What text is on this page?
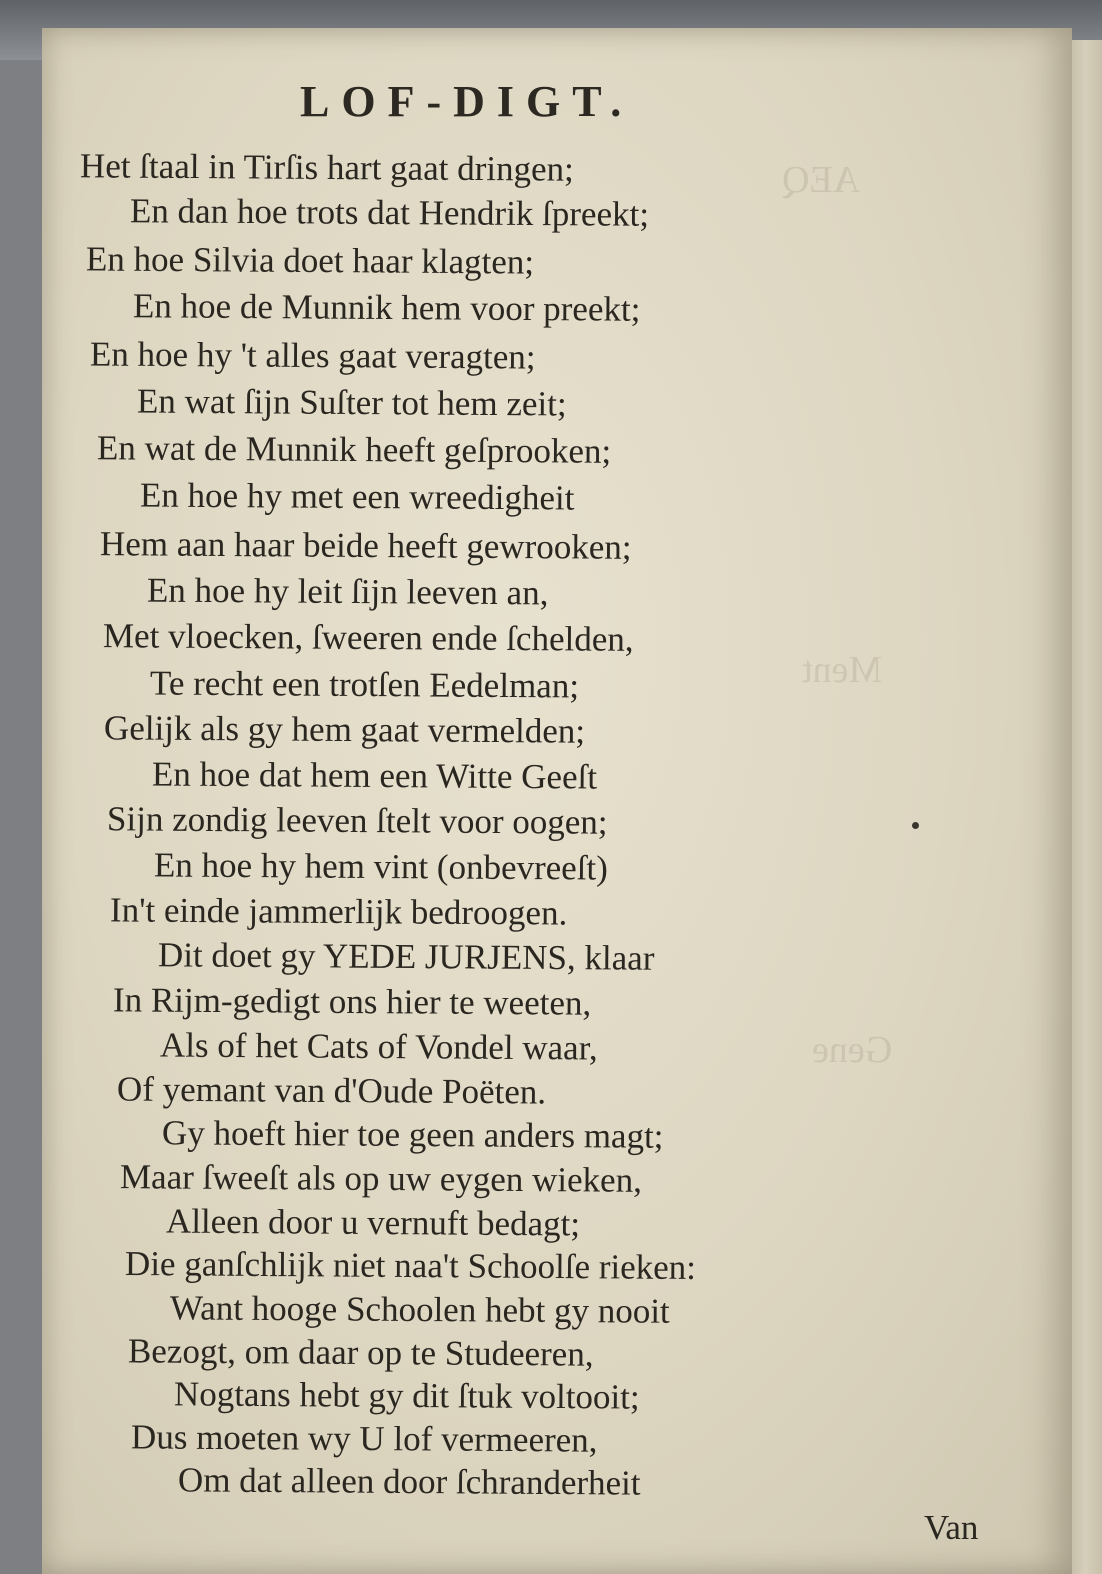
AEQ
Ment
Gene
LOF-DIGT.
Het ſtaal in Tirſis hart gaat dringen;
En dan hoe trots dat Hendrik ſpreekt;
En hoe Silvia doet haar klagten;
En hoe de Munnik hem voor preekt;
En hoe hy 't alles gaat veragten;
En wat ſijn Suſter tot hem zeit;
En wat de Munnik heeft geſprooken;
En hoe hy met een wreedigheit
Hem aan haar beide heeft gewrooken;
En hoe hy leit ſijn leeven an,
Met vloecken, ſweeren ende ſchelden,
Te recht een trotſen Eedelman;
Gelijk als gy hem gaat vermelden;
En hoe dat hem een Witte Geeſt
Sijn zondig leeven ſtelt voor oogen;
En hoe hy hem vint (onbevreeſt)
In't einde jammerlijk bedroogen.
Dit doet gy YEDE JURJENS, klaar
In Rijm-gedigt ons hier te weeten,
Als of het Cats of Vondel waar,
Of yemant van d'Oude Poëten.
Gy hoeft hier toe geen anders magt;
Maar ſweeſt als op uw eygen wieken,
Alleen door u vernuft bedagt;
Die ganſchlijk niet naa't Schoolſe rieken:
Want hooge Schoolen hebt gy nooit
Bezogt, om daar op te Studeeren,
Nogtans hebt gy dit ſtuk voltooit;
Dus moeten wy U lof vermeeren,
Om dat alleen door ſchranderheit
Van
